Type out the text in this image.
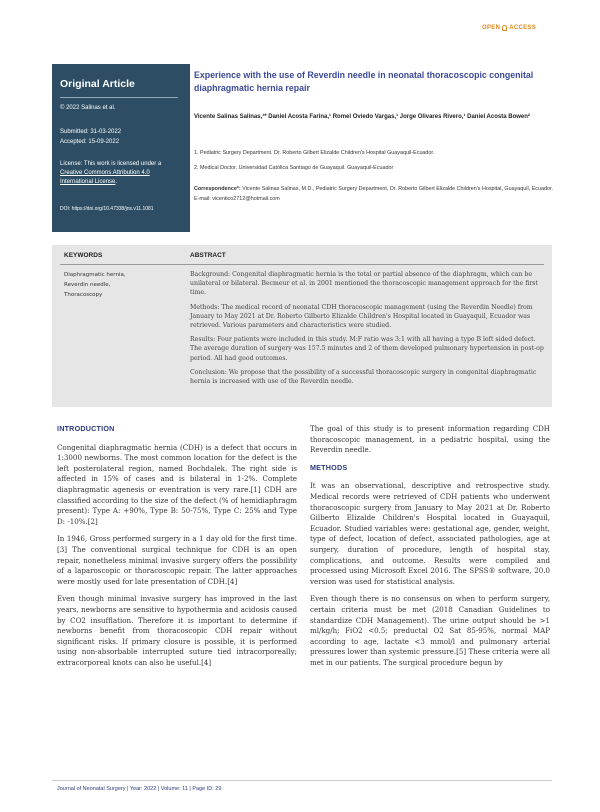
OPEN ACCESS
Original Article
© 2022 Salinas et al.
Submitted: 31-03-2022
Accepted: 15-09-2022
License: This work is licensed under a Creative Commons Attribution 4.0 International License.
DOI: https://doi.org/10.47338/jns.v11.1081
Experience with the use of Reverdin needle in neonatal thoracoscopic congenital diaphragmatic hernia repair
Vicente Salinas Salinas,¹* Daniel Acosta Farina,¹ Romel Oviedo Vargas,¹ Jorge Olivares Rivero,¹ Daniel Acosta Bowen²
1. Pediatric Surgery Department. Dr. Roberto Gilbert Elizalde Children's Hospital Guayaquil-Ecuador.
2. Medical Doctor. Universidad Católica Santiago de Guayaquil. Guayaquil-Ecuador
Correspondence*: Vicente Salinas Salinas, M.D., Pediatric Surgery Department, Dr. Roberto Gilbert Elizalde Children's Hospital, Guayaquil, Ecuador. E-mail: vicentico2712@hotmail.com
KEYWORDS	ABSTRACT
Diaphragmatic hernia,
Reverdin needle,
Thoracoscopy

Background: Congenital diaphragmatic hernia is the total or partial absence of the diaphragm, which can be unilateral or bilateral. Becmeur et al. in 2001 mentioned the thoracoscopic management approach for the first time.

Methods: The medical record of neonatal CDH thoracoscopic management (using the Reverdin Needle) from January to May 2021 at Dr. Roberto Gilberto Elizalde Children's Hospital located in Guayaquil, Ecuador was retrieved. Various parameters and characteristics were studied.

Results: Four patients were included in this study. M:F ratio was 3:1 with all having a type B left sided defect. The average duration of surgery was 157.5 minutes and 2 of them developed pulmonary hypertension in post-op period. All had good outcomes.

Conclusion: We propose that the possibility of a successful thoracoscopic surgery in congenital diaphragmatic hernia is increased with use of the Reverdin needle.

INTRODUCTION

Congenital diaphragmatic hernia (CDH) is a defect that occurs in 1:3000 newborns. The most common location for the defect is the left posterolateral region, named Bochdalek. The right side is affected in 15% of cases and is bilateral in 1-2%. Complete diaphragmatic agenesis or eventration is very rare.[1] CDH are classified according to the size of the defect (% of hemidiaphragm present): Type A: +90%, Type B: 50-75%, Type C: 25% and Type D: -10%.[2]

In 1946, Gross performed surgery in a 1 day old for the first time.[3] The conventional surgical technique for CDH is an open repair, nonetheless minimal invasive surgery offers the possibility of a laparoscopic or thoracoscopic repair. The latter approaches were mostly used for late presentation of CDH.[4]

Even though minimal invasive surgery has improved in the last years, newborns are sensitive to hypothermia and acidosis caused by CO2 insufflation. Therefore it is important to determine if newborns benefit from thoracoscopic CDH repair without significant risks. If primary closure is possible, it is performed using non-absorbable interrupted suture tied intracorporeally; extracorporeal knots can also be useful.[4]

The goal of this study is to present information regarding CDH thoracoscopic management, in a pediatric hospital, using the Reverdin needle.

METHODS

It was an observational, descriptive and retrospective study. Medical records were retrieved of CDH patients who underwent thoracoscopic surgery from January to May 2021 at Dr. Roberto Gilberto Elizalde Children's Hospital located in Guayaquil, Ecuador. Studied variables were: gestational age, gender, weight, type of defect, location of defect, associated pathologies, age at surgery, duration of procedure, length of hospital stay, complications, and outcome. Results were compiled and processed using Microsoft Excel 2016. The SPSS® software, 20.0 version was used for statistical analysis.

Even though there is no consensus on when to perform surgery, certain criteria must be met (2018 Canadian Guidelines to standardize CDH Management). The urine output should be >1 ml/kg/h; FiO2 <0.5; preductal O2 Sat 85-95%, normal MAP according to age, lactate <3 mmol/l and pulmonary arterial pressures lower than systemic pressure.[5] These criteria were all met in our patients. The surgical procedure begun by

Journal of Neonatal Surgery | Year: 2022 | Volume: 11 | Page ID: 29
